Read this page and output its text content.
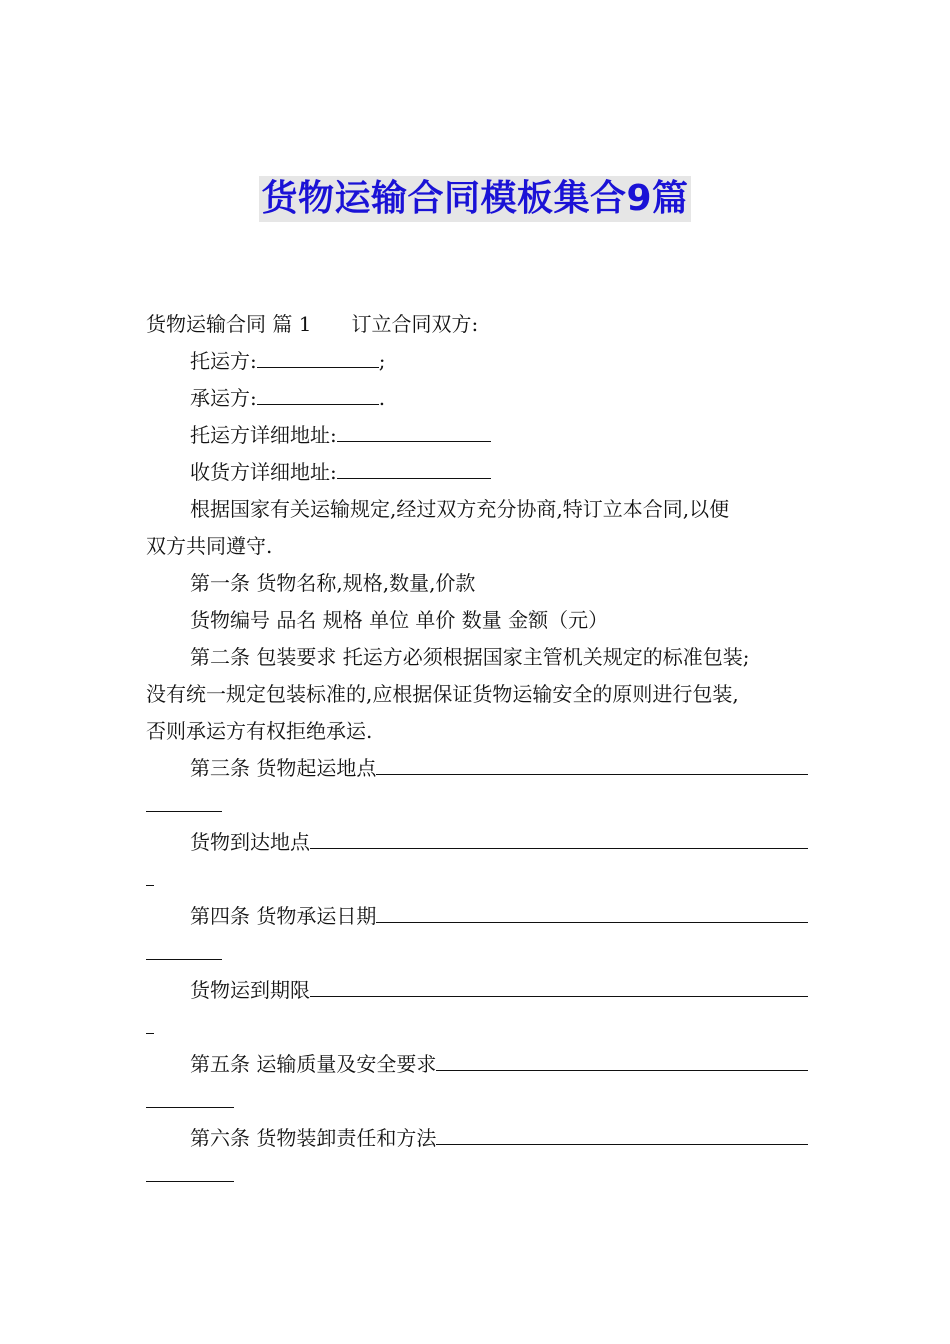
货物运输合同模板集合9篇
货物运输合同 篇 1 订立合同双方:
托运方:	;
承运方:	.
托运方详细地址:
收货方详细地址:
根据国家有关运输规定,经过双方充分协商,特订立本合同,以便
双方共同遵守.
第一条 货物名称,规格,数量,价款
货物编号 品名 规格 单位 单价 数量 金额（元）
第二条 包装要求 托运方必须根据国家主管机关规定的标准包装;
没有统一规定包装标准的,应根据保证货物运输安全的原则进行包装,
否则承运方有权拒绝承运.
第三条 货物起运地点
货物到达地点
第四条 货物承运日期
货物运到期限
第五条 运输质量及安全要求
第六条 货物装卸责任和方法
